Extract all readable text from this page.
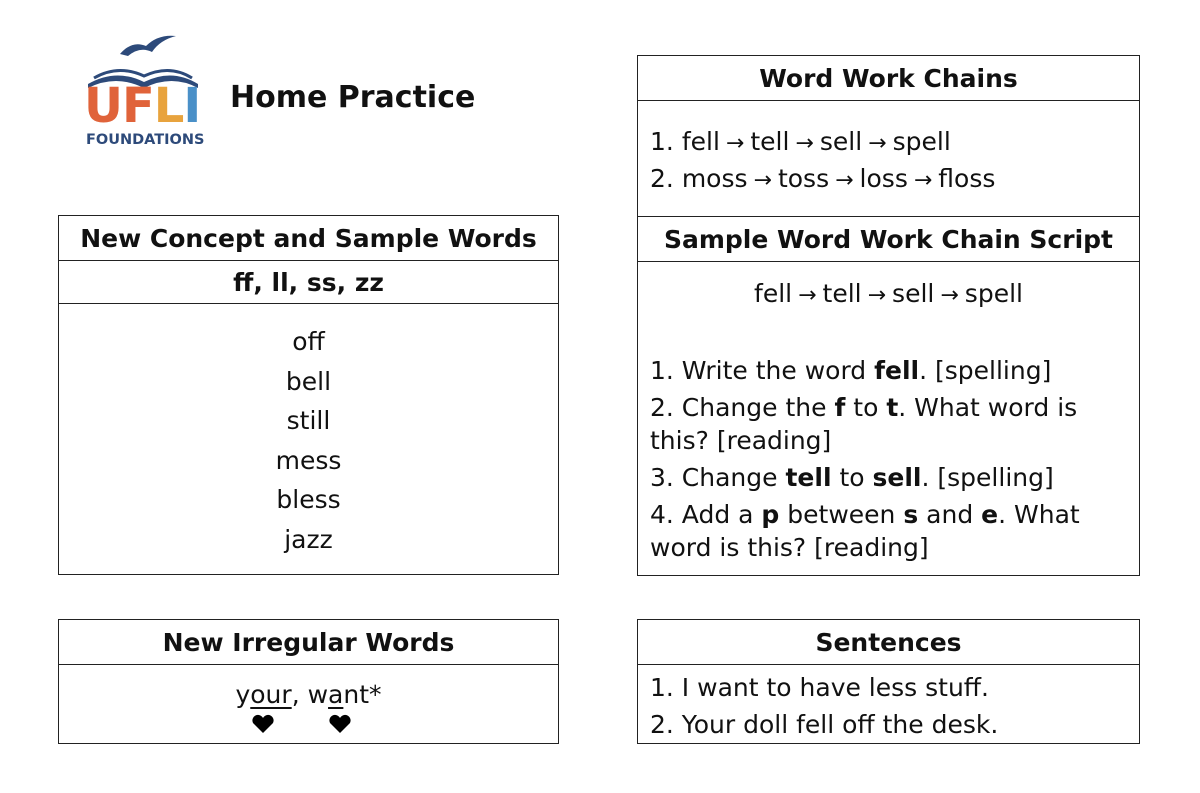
UFLI
FOUNDATIONS
Home Practice
New Concept and Sample Words
ff, ll, ss, zz
off
bell
still
mess
bless
jazz
New Irregular Words
your
, want*
Word Work Chains
1. fell → tell → sell → spell
2. moss → toss → loss → floss
Sample Word Work Chain Script
fell → tell → sell → spell
1. Write the word fell. [spelling]
2. Change the f to t. What word is this? [reading]
3. Change tell to sell. [spelling]
4. Add a p between s and e. What word is this? [reading]
Sentences
1. I want to have less stuff.
2. Your doll fell off the desk.
